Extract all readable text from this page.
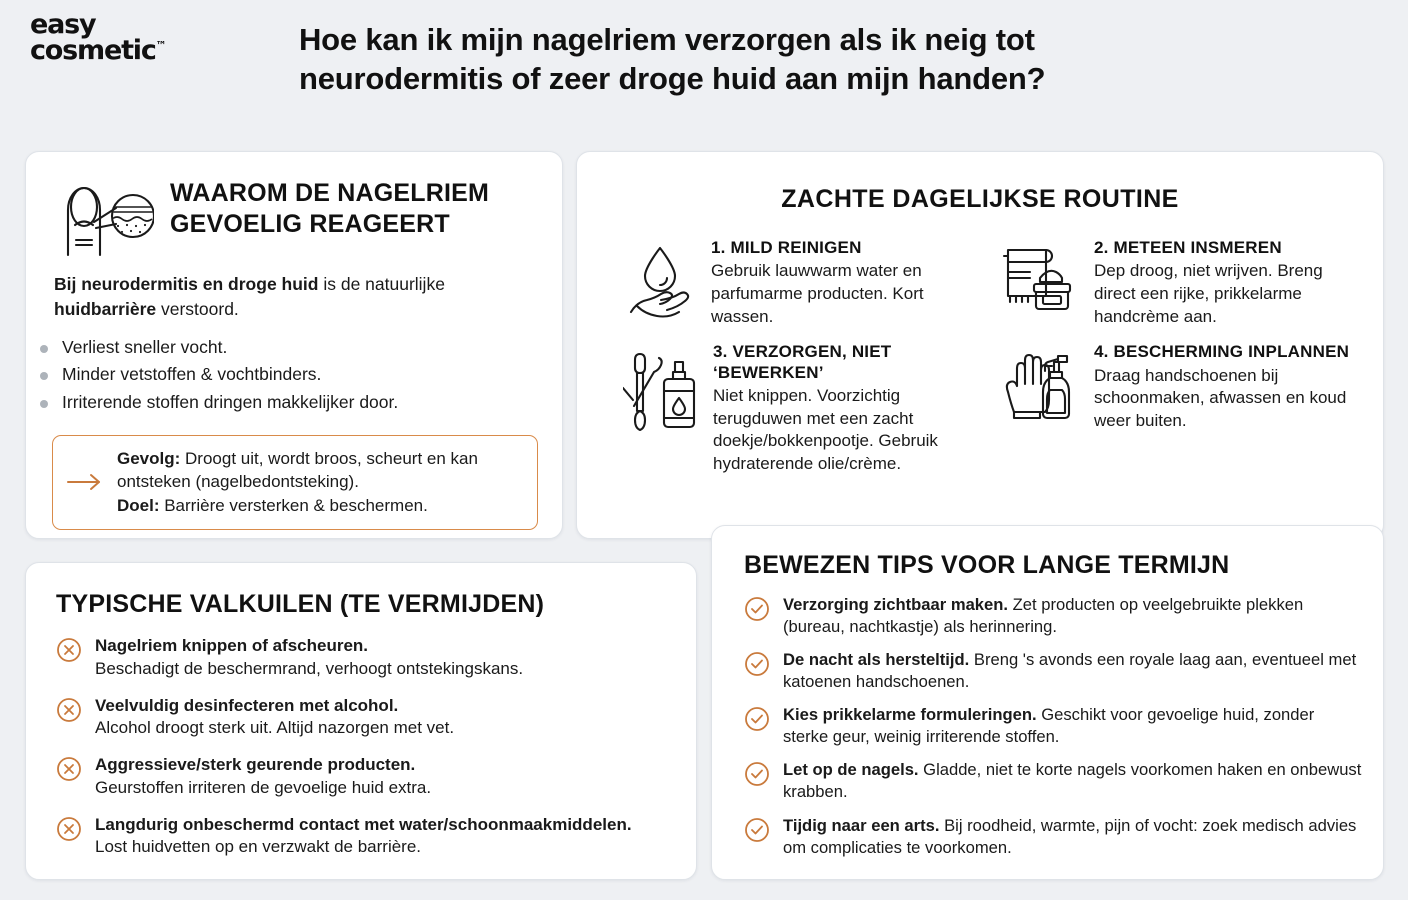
easy
cosmetic™	Hoe kan ik mijn nagelriem verzorgen als ik neig tot neurodermitis of zeer droge huid aan mijn handen?
WAAROM DE NAGELRIEM GEVOELIG REAGEERT

Bij neurodermitis en droge huid is de natuurlijke huidbarrière verstoord.

Verliest sneller vocht.
Minder vetstoffen & vochtbinders.
Irriterende stoffen dringen makkelijker door.
Gevolg: Droogt uit, wordt broos, scheurt en kan ontsteken (nagelbedontsteking).
Doel: Barrière versterken & beschermen.
ZACHTE DAGELIJKSE ROUTINE
1. MILD REINIGEN
Gebruik lauwwarm water en parfumarme producten. Kort wassen.
2. METEEN INSMEREN
Dep droog, niet wrijven. Breng direct een rijke, prikkelarme handcrème aan.
3. VERZORGEN, NIET ‘BEWERKEN’
Niet knippen. Voorzichtig terugduwen met een zacht doekje/bokkenpootje. Gebruik hydraterende olie/crème.
4. BESCHERMING INPLANNEN
Draag handschoenen bij schoonmaken, afwassen en koud weer buiten.
TYPISCHE VALKUILEN (TE VERMIJDEN)
Nagelriem knippen of afscheuren.
Beschadigt de beschermrand, verhoogt ontstekingskans.
Veelvuldig desinfecteren met alcohol.
Alcohol droogt sterk uit. Altijd nazorgen met vet.
Aggressieve/sterk geurende producten.
Geurstoffen irriteren de gevoelige huid extra.
Langdurig onbeschermd contact met water/schoonmaakmiddelen.
Lost huidvetten op en verzwakt de barrière.
BEWEZEN TIPS VOOR LANGE TERMIJN
Verzorging zichtbaar maken. Zet producten op veelgebruikte plekken (bureau, nachtkastje) als herinnering.
De nacht als hersteltijd. Breng 's avonds een royale laag aan, eventueel met katoenen handschoenen.
Kies prikkelarme formuleringen. Geschikt voor gevoelige huid, zonder sterke geur, weinig irriterende stoffen.
Let op de nagels. Gladde, niet te korte nagels voorkomen haken en onbewust krabben.
Tijdig naar een arts. Bij roodheid, warmte, pijn of vocht: zoek medisch advies om complicaties te voorkomen.
